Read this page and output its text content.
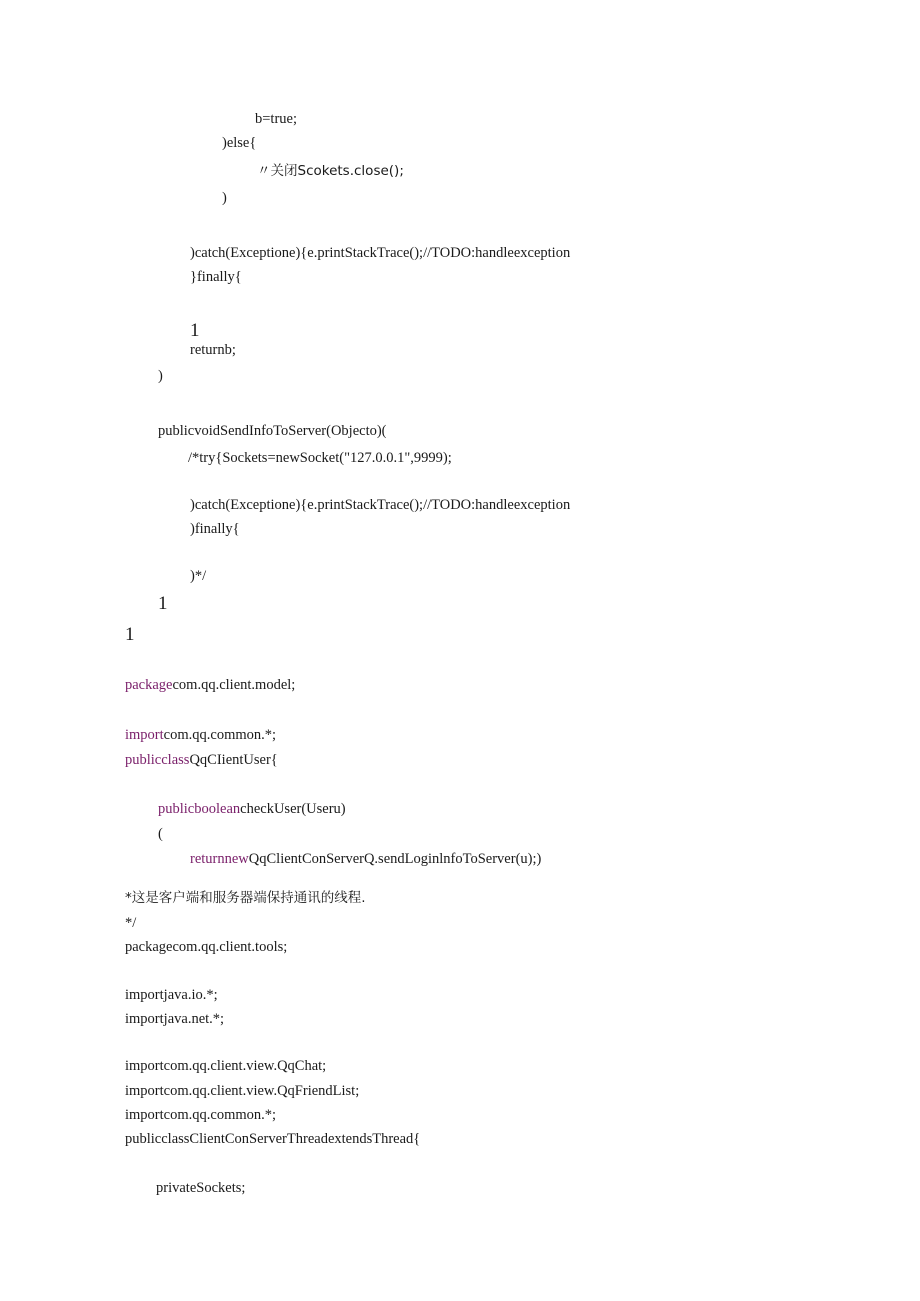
b=true;
)else{
〃关闭Scokets.close();
)
)catch(Exceptione){e.printStackTrace();//TODO:handleexception
}finally{
1
returnb;
)
publicvoidSendInfoToServer(Objecto)(
/*try{Sockets=newSocket("127.0.0.1",9999);
)catch(Exceptione){e.printStackTrace();//TODO:handleexception
)finally{
)*/
1
1
packagecom.qq.client.model;
importcom.qq.common.*;
publicclassQqCIientUser{
publicbooleancheckUser(Useru)
(
returnnewQqClientConServerQ.sendLoginlnfoToServer(u);)
*这是客户端和服务器端保持通讯的线程.
*/
packagecom.qq.client.tools;
importjava.io.*;
importjava.net.*;
importcom.qq.client.view.QqChat;
importcom.qq.client.view.QqFriendList;
importcom.qq.common.*;
publicclassClientConServerThreadextendsThread{
privateSockets;
